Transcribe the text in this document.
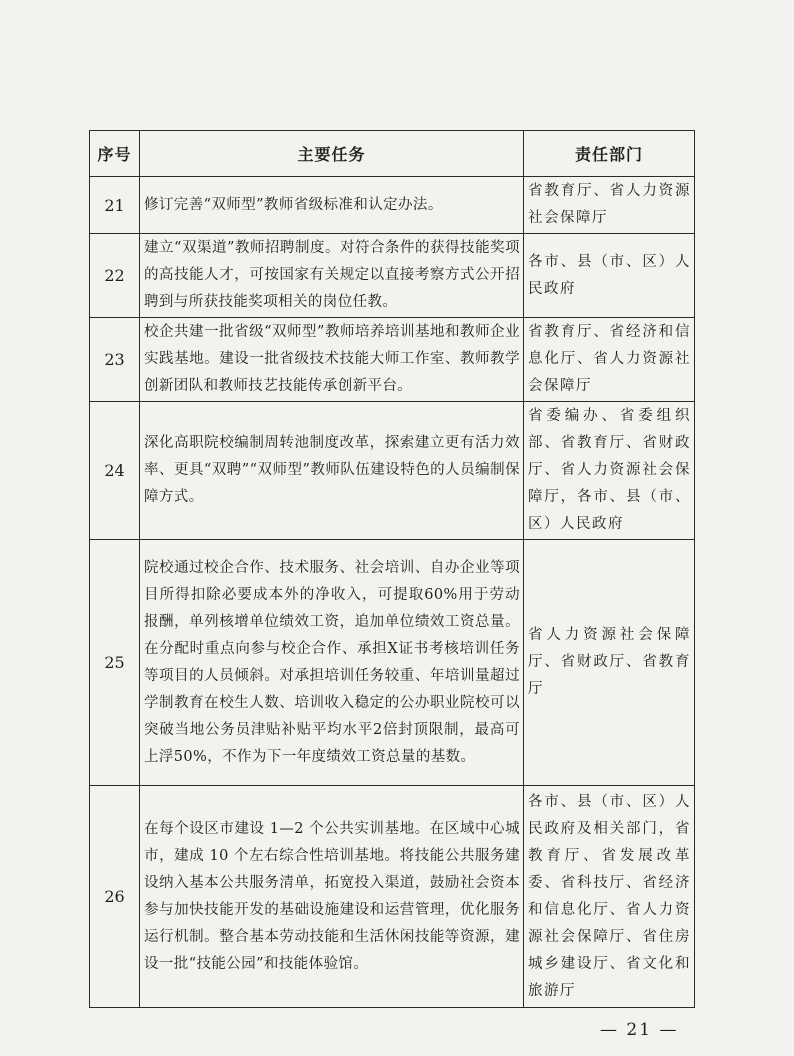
序号	主要任务	责任部门
21	修订完善“双师型”教师省级标准和认定办法。	省教育厅、省人力资源社会保障厅
22	建立“双渠道”教师招聘制度。对符合条件的获得技能奖项的高技能人才，可按国家有关规定以直接考察方式公开招聘到与所获技能奖项相关的岗位任教。	各市、县（市、区）人民政府
23	校企共建一批省级“双师型”教师培养培训基地和教师企业实践基地。建设一批省级技术技能大师工作室、教师教学创新团队和教师技艺技能传承创新平台。	省教育厅、省经济和信息化厅、省人力资源社会保障厅
24	深化高职院校编制周转池制度改革，探索建立更有活力效率、更具“双聘”“双师型”教师队伍建设特色的人员编制保障方式。	省委编办、省委组织部、省教育厅、省财政厅、省人力资源社会保障厅，各市、县（市、区）人民政府
25	院校通过校企合作、技术服务、社会培训、自办企业等项目所得扣除必要成本外的净收入，可提取60%用于劳动报酬，单列核增单位绩效工资，追加单位绩效工资总量。在分配时重点向参与校企合作、承担X证书考核培训任务等项目的人员倾斜。对承担培训任务较重、年培训量超过学制教育在校生人数、培训收入稳定的公办职业院校可以突破当地公务员津贴补贴平均水平2倍封顶限制，最高可上浮50%，不作为下一年度绩效工资总量的基数。	省人力资源社会保障厅、省财政厅、省教育厅
26	在每个设区市建设 1—2 个公共实训基地。在区域中心城市，建成 10 个左右综合性培训基地。将技能公共服务建设纳入基本公共服务清单，拓宽投入渠道，鼓励社会资本参与加快技能开发的基础设施建设和运营管理，优化服务运行机制。整合基本劳动技能和生活休闲技能等资源，建设一批“技能公园”和技能体验馆。	各市、县（市、区）人民政府及相关部门，省教育厅、省发展改革委、省科技厅、省经济和信息化厅、省人力资源社会保障厅、省住房城乡建设厅、省文化和旅游厅
— 21 —
